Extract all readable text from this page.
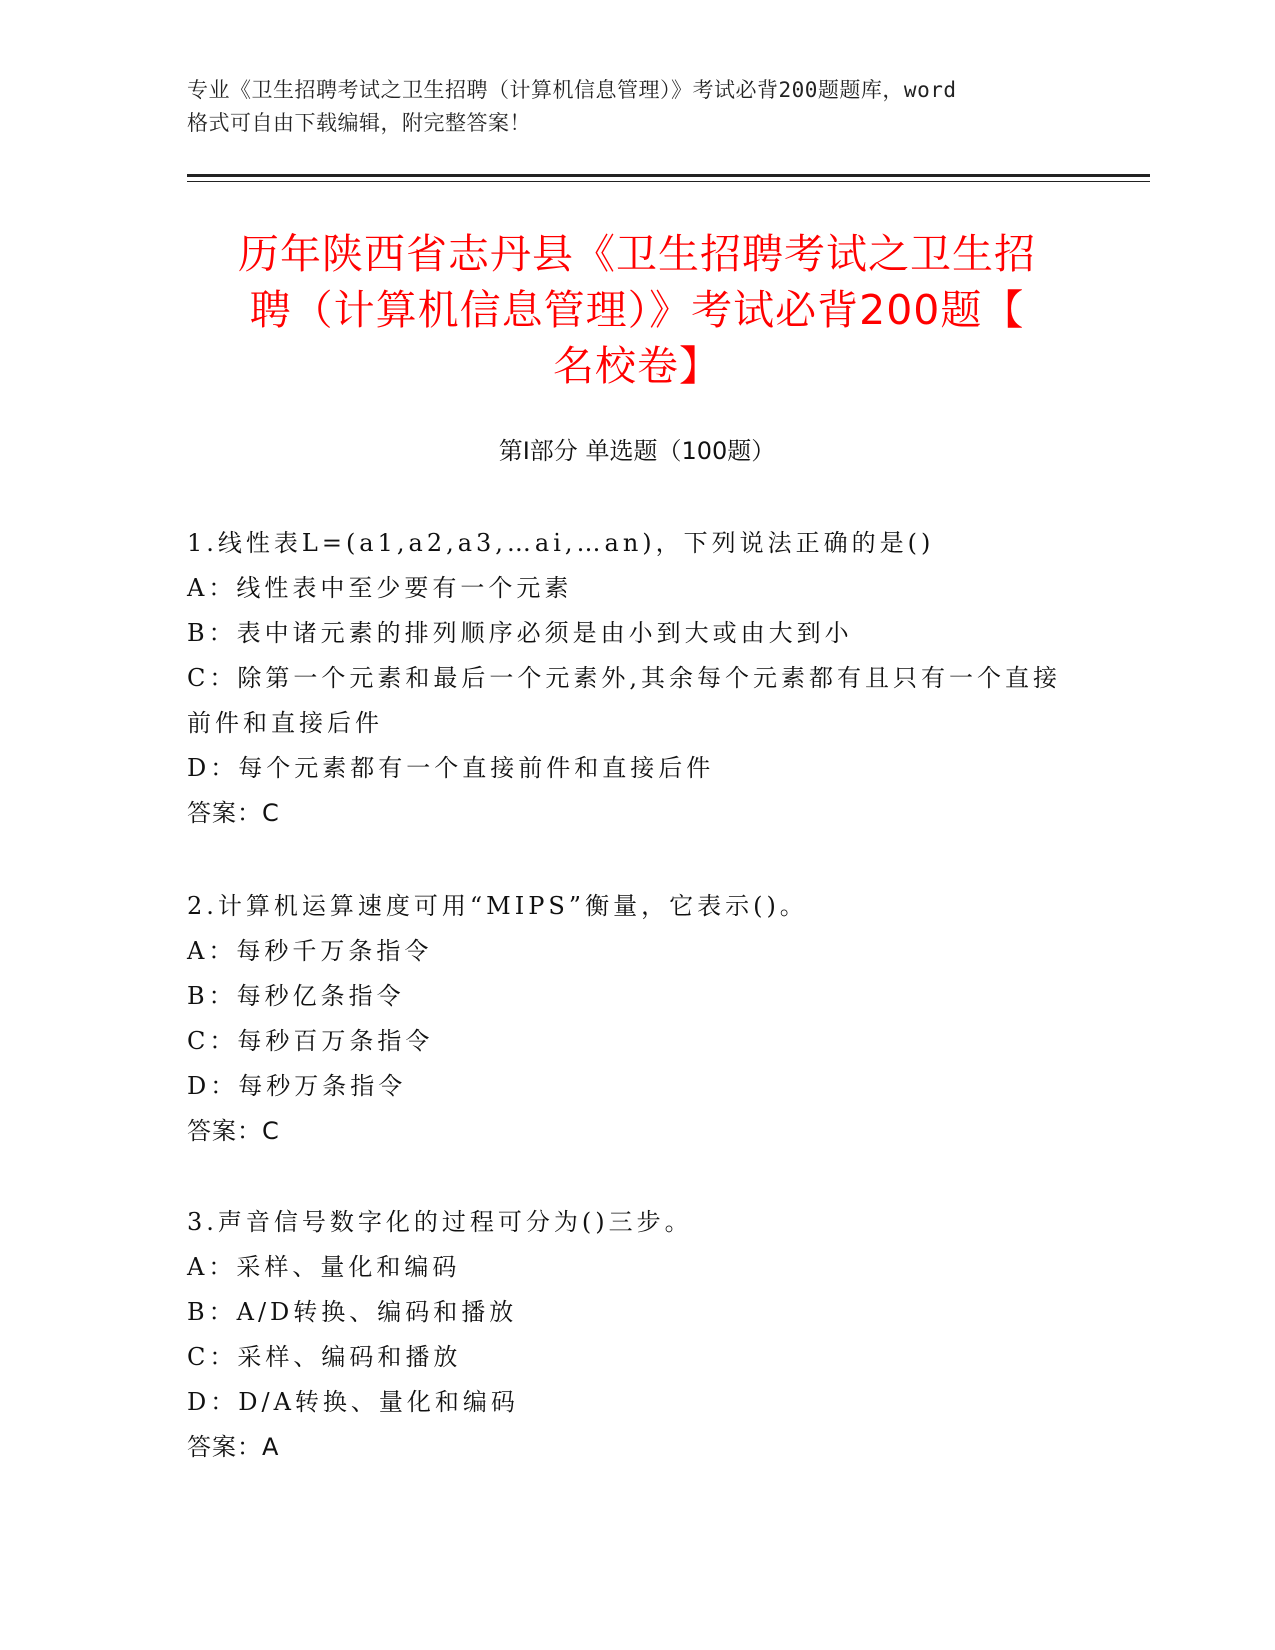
专业《卫生招聘考试之卫生招聘（计算机信息管理）》考试必背200题题库，word
格式可自由下载编辑，附完整答案！
历年陕西省志丹县《卫生招聘考试之卫生招
聘（计算机信息管理）》考试必背200题【
名校卷】
第Ⅰ部分 单选题（100题）
1.线性表L=(a1,a2,a3,…ai,…an)，下列说法正确的是()
A：线性表中至少要有一个元素
B：表中诸元素的排列顺序必须是由小到大或由大到小
C：除第一个元素和最后一个元素外,其余每个元素都有且只有一个直接前件和直接后件
D：每个元素都有一个直接前件和直接后件
答案：C
2.计算机运算速度可用“MIPS”衡量，它表示()。
A：每秒千万条指令
B：每秒亿条指令
C：每秒百万条指令
D：每秒万条指令
答案：C
3.声音信号数字化的过程可分为()三步。
A：采样、量化和编码
B：A/D转换、编码和播放
C：采样、编码和播放
D：D/A转换、量化和编码
答案：A
